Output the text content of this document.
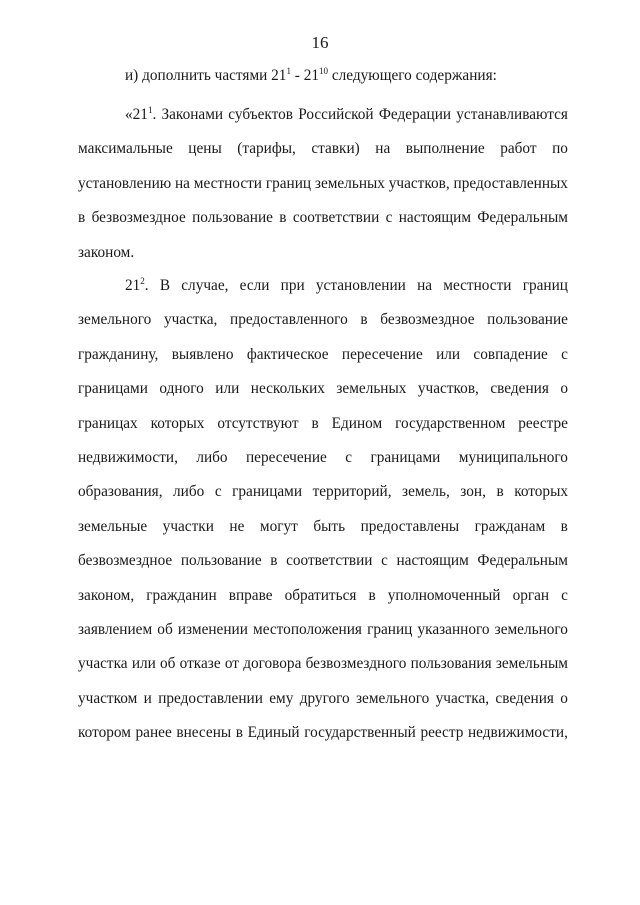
16
и) дополнить частями $21^1 - 21^{10}$ следующего содержания:
«$21^1$. Законами субъектов Российской Федерации устанавливаются
максимальные цены (тарифы, ставки) на выполнение работ по
установлению на местности границ земельных участков, предоставленных
в безвозмездное пользование в соответствии с настоящим Федеральным
законом.
$21^2$. В случае, если при установлении на местности границ
земельного участка, предоставленного в безвозмездное пользование
гражданину, выявлено фактическое пересечение или совпадение с
границами одного или нескольких земельных участков, сведения о
границах которых отсутствуют в Едином государственном реестре
недвижимости, либо пересечение с границами муниципального
образования, либо с границами территорий, земель, зон, в которых
земельные участки не могут быть предоставлены гражданам в
безвозмездное пользование в соответствии с настоящим Федеральным
законом, гражданин вправе обратиться в уполномоченный орган с
заявлением об изменении местоположения границ указанного земельного
участка или об отказе от договора безвозмездного пользования земельным
участком и предоставлении ему другого земельного участка, сведения о
котором ранее внесены в Единый государственный реестр недвижимости,
